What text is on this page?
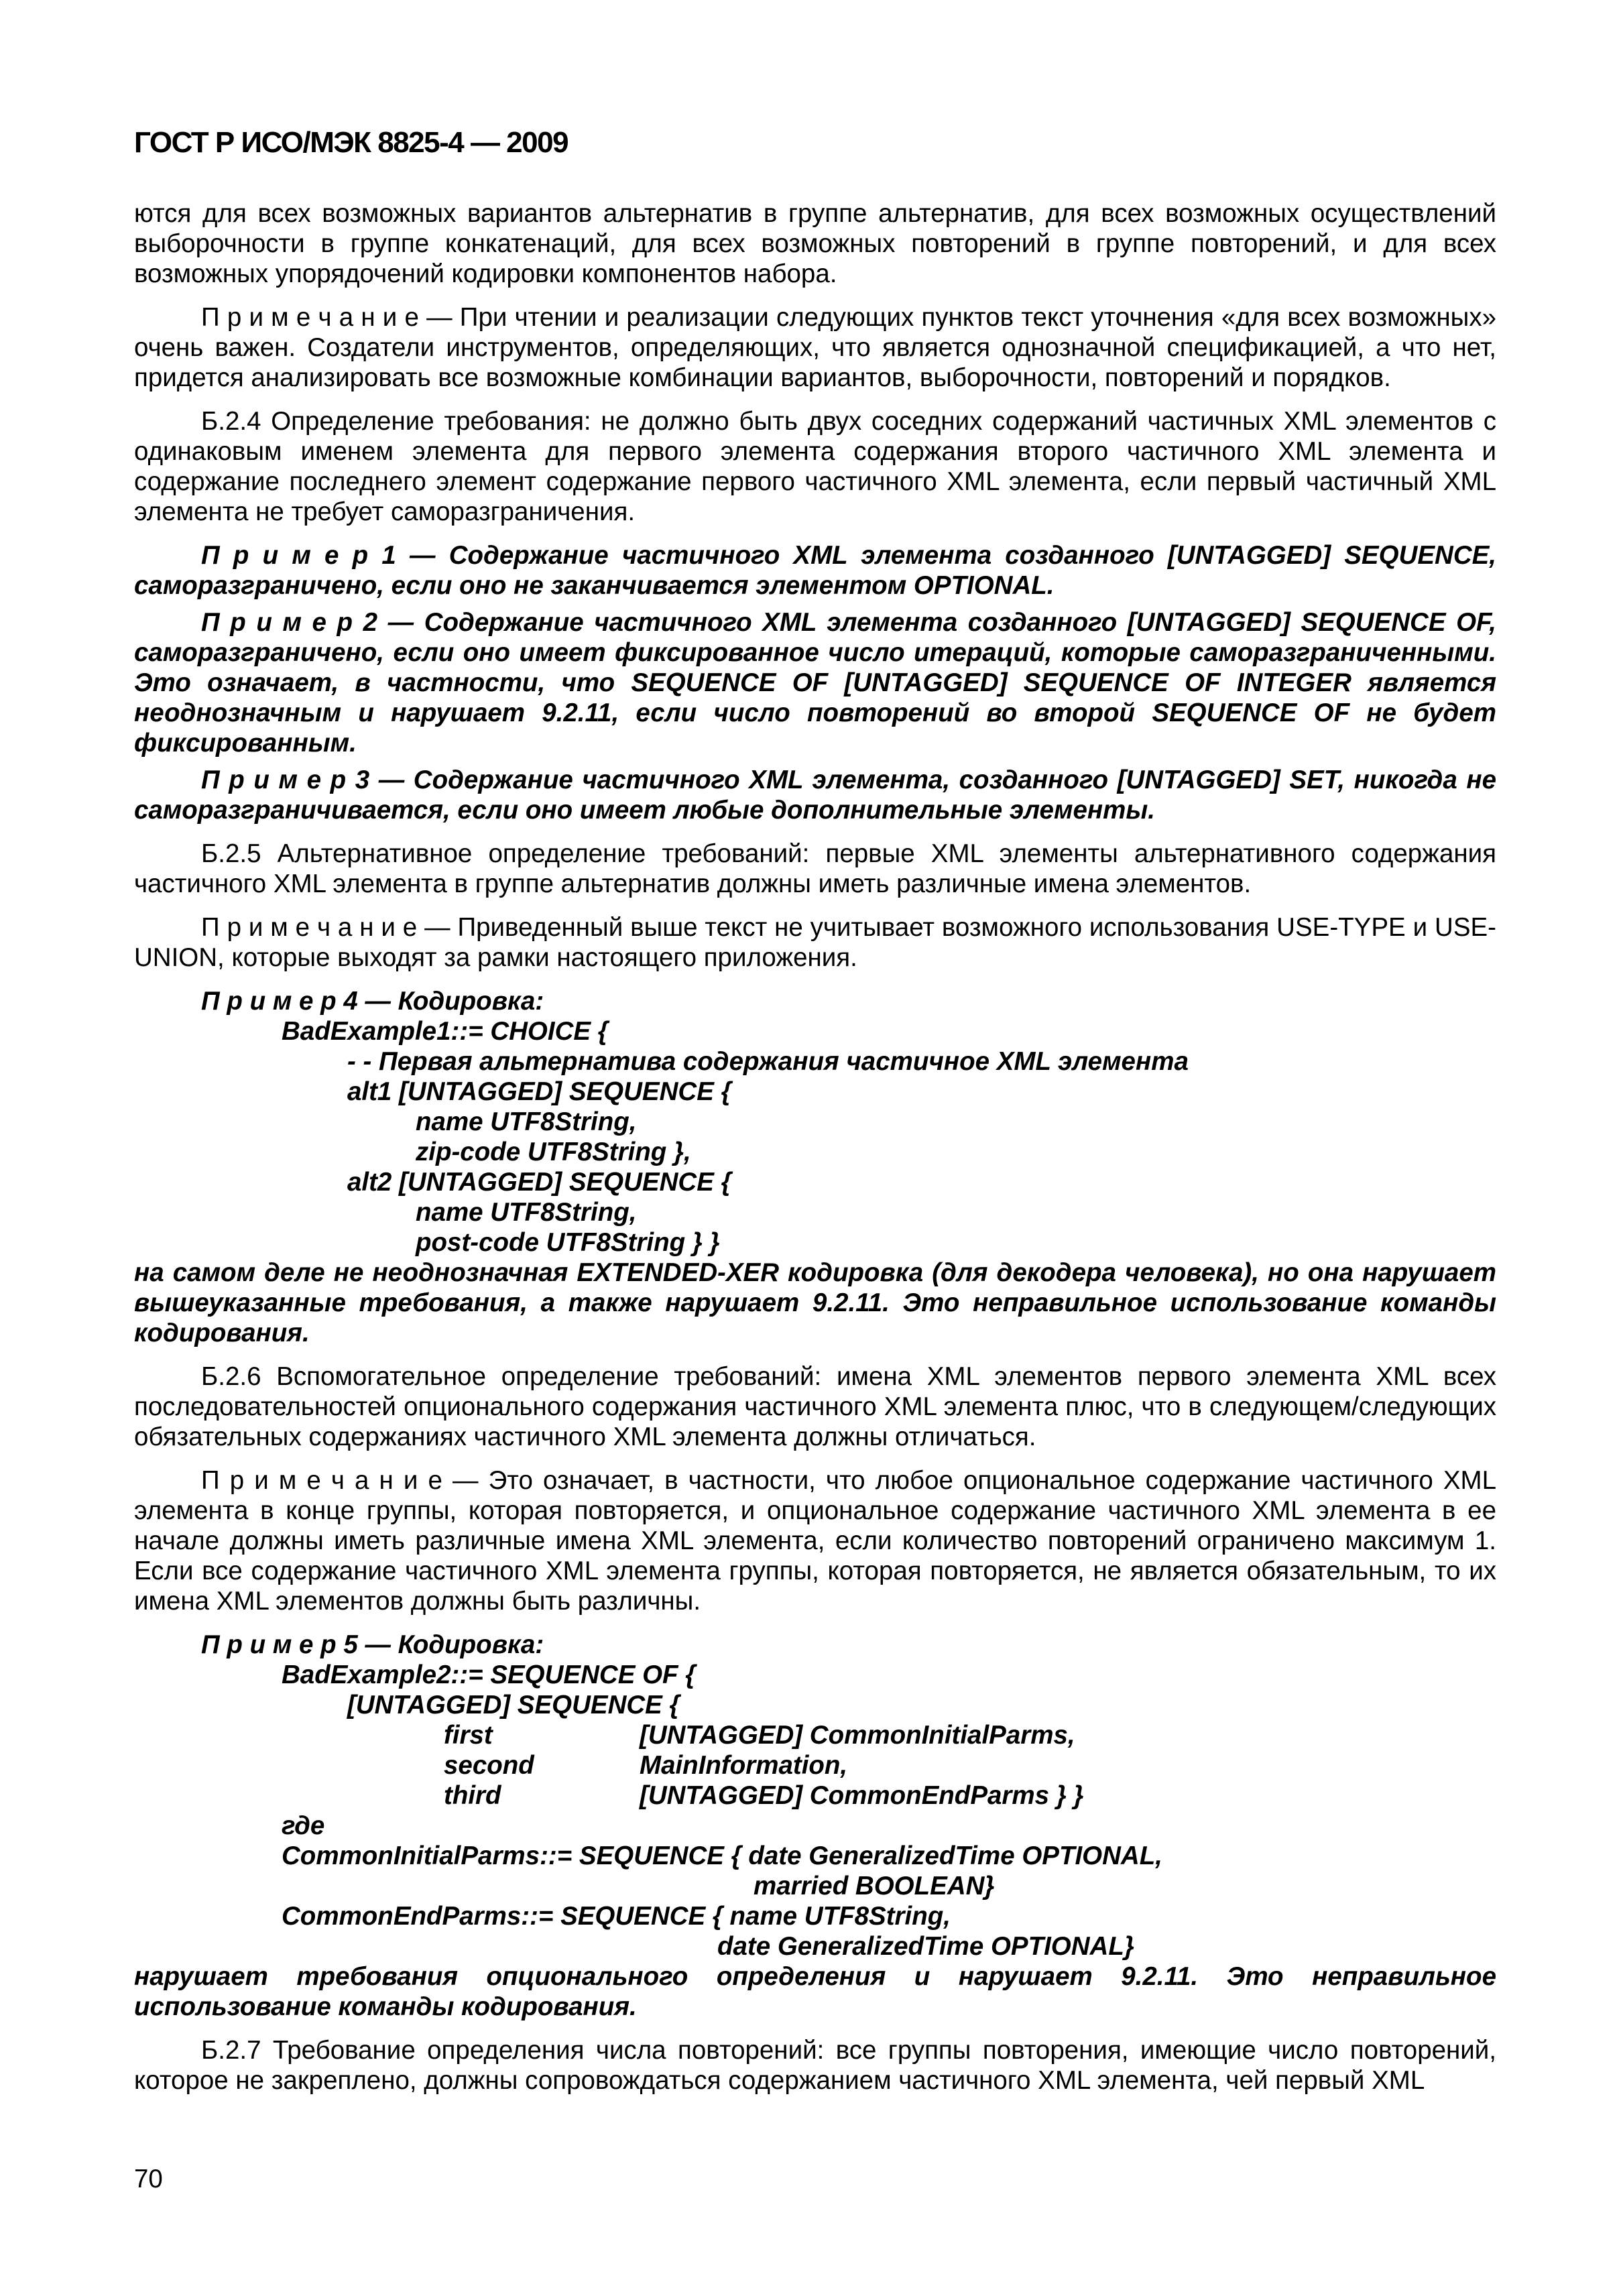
ГОСТ Р ИСО/МЭК 8825-4 — 2009
ются для всех возможных вариантов альтернатив в группе альтернатив, для всех возможных осуществлений выборочности в группе конкатенаций, для всех возможных повторений в группе повторений, и для всех возможных упорядочений кодировки компонентов набора.
П р и м е ч а н и е — При чтении и реализации следующих пунктов текст уточнения «для всех возможных» очень важен. Создатели инструментов, определяющих, что является однозначной спецификацией, а что нет, придется анализировать все возможные комбинации вариантов, выборочности, повторений и порядков.
Б.2.4 Определение требования: не должно быть двух соседних содержаний частичных XML элементов с одинаковым именем элемента для первого элемента содержания второго частичного XML элемента и содержание последнего элемент содержание первого частичного XML элемента, если первый частичный XML элемента не требует саморазграничения.
П р и м е р 1 — Содержание частичного XML элемента созданного [UNTAGGED] SEQUENCE, саморазграничено, если оно не заканчивается элементом OPTIONAL.
П р и м е р 2 — Содержание частичного XML элемента созданного [UNTAGGED] SEQUENCE OF, саморазграничено, если оно имеет фиксированное число итераций, которые саморазграниченными. Это означает, в частности, что SEQUENCE OF [UNTAGGED] SEQUENCE OF INTEGER является неоднозначным и нарушает 9.2.11, если число повторений во второй SEQUENCE OF не будет фиксированным.
П р и м е р 3 — Содержание частичного XML элемента, созданного [UNTAGGED] SET, никогда не саморазграничивается, если оно имеет любые дополнительные элементы.
Б.2.5 Альтернативное определение требований: первые XML элементы альтернативного содержания частичного XML элемента в группе альтернатив должны иметь различные имена элементов.
П р и м е ч а н и е — Приведенный выше текст не учитывает возможного использования USE-TYPE и USE-UNION, которые выходят за рамки настоящего приложения.
П р и м е р 4 — Кодировка:
BadExample1::= CHOICE {
- - Первая альтернатива содержания частичное XML элемента
alt1 [UNTAGGED] SEQUENCE {
name UTF8String,
zip-code UTF8String },
alt2 [UNTAGGED] SEQUENCE {
name UTF8String,
post-code UTF8String } }
на самом деле не неоднозначная EXTENDED-XER кодировка (для декодера человека), но она нарушает вышеуказанные требования, а также нарушает 9.2.11. Это неправильное использование команды кодирования.
Б.2.6 Вспомогательное определение требований: имена XML элементов первого элемента XML всех последовательностей опционального содержания частичного XML элемента плюс, что в следующем/следующих обязательных содержаниях частичного XML элемента должны отличаться.
П р и м е ч а н и е — Это означает, в частности, что любое опциональное содержание частичного XML элемента в конце группы, которая повторяется, и опциональное содержание частичного XML элемента в ее начале должны иметь различные имена XML элемента, если количество повторений ограничено максимум 1. Если все содержание частичного XML элемента группы, которая повторяется, не является обязательным, то их имена XML элементов должны быть различны.
П р и м е р 5 — Кодировка:
BadExample2::= SEQUENCE OF {
[UNTAGGED] SEQUENCE {
first	[UNTAGGED] CommonInitialParms,
second	MainInformation,
third	[UNTAGGED] CommonEndParms } }
где
CommonInitialParms::= SEQUENCE { date GeneralizedTime OPTIONAL,
married BOOLEAN}
CommonEndParms::= SEQUENCE { name UTF8String,
date GeneralizedTime OPTIONAL}
нарушает требования опционального определения и нарушает 9.2.11. Это неправильное использование команды кодирования.
Б.2.7 Требование определения числа повторений: все группы повторения, имеющие число повторений, которое не закреплено, должны сопровождаться содержанием частичного XML элемента, чей первый XML
70
